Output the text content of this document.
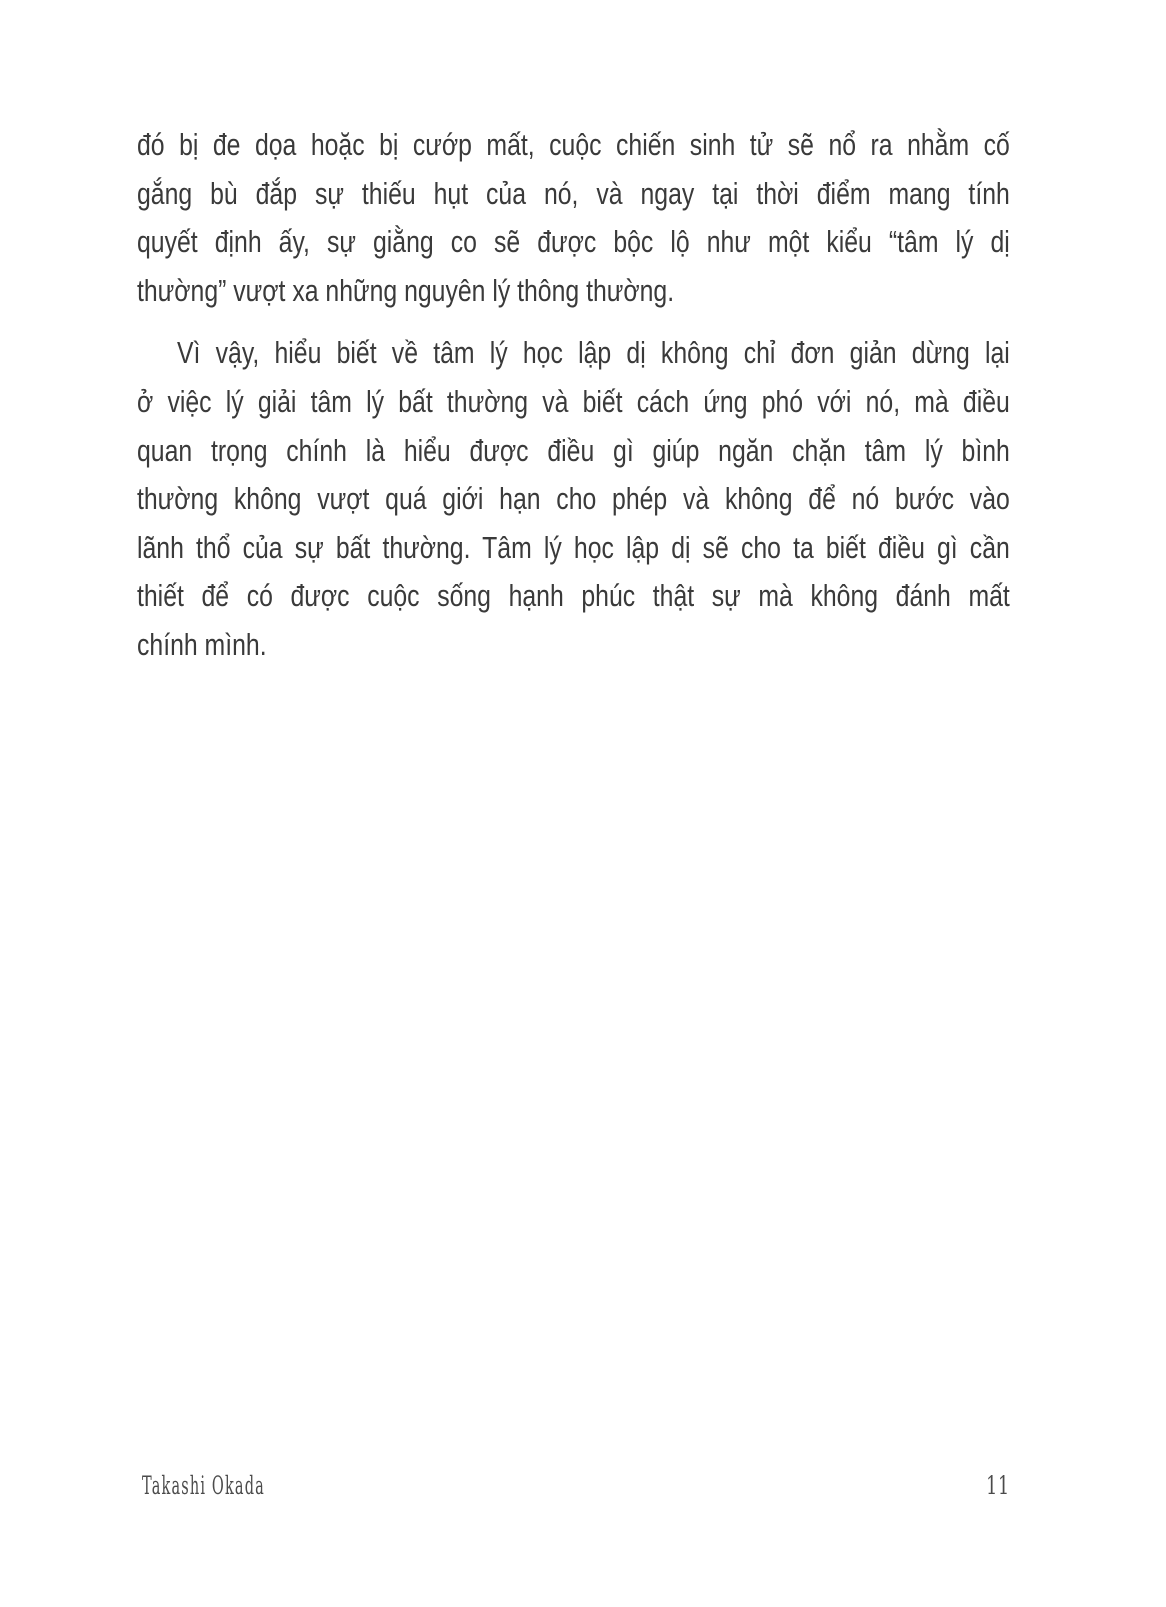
đó bị đe dọa hoặc bị cướp mất, cuộc chiến sinh tử sẽ nổ ra nhằm cố
gắng bù đắp sự thiếu hụt của nó, và ngay tại thời điểm mang tính
quyết định ấy, sự giằng co sẽ được bộc lộ như một kiểu “tâm lý dị
thường” vượt xa những nguyên lý thông thường.

Vì vậy, hiểu biết về tâm lý học lập dị không chỉ đơn giản dừng lại
ở việc lý giải tâm lý bất thường và biết cách ứng phó với nó, mà điều
quan trọng chính là hiểu được điều gì giúp ngăn chặn tâm lý bình
thường không vượt quá giới hạn cho phép và không để nó bước vào
lãnh thổ của sự bất thường. Tâm lý học lập dị sẽ cho ta biết điều gì cần
thiết để có được cuộc sống hạnh phúc thật sự mà không đánh mất
chính mình.

Takashi Okada	11
